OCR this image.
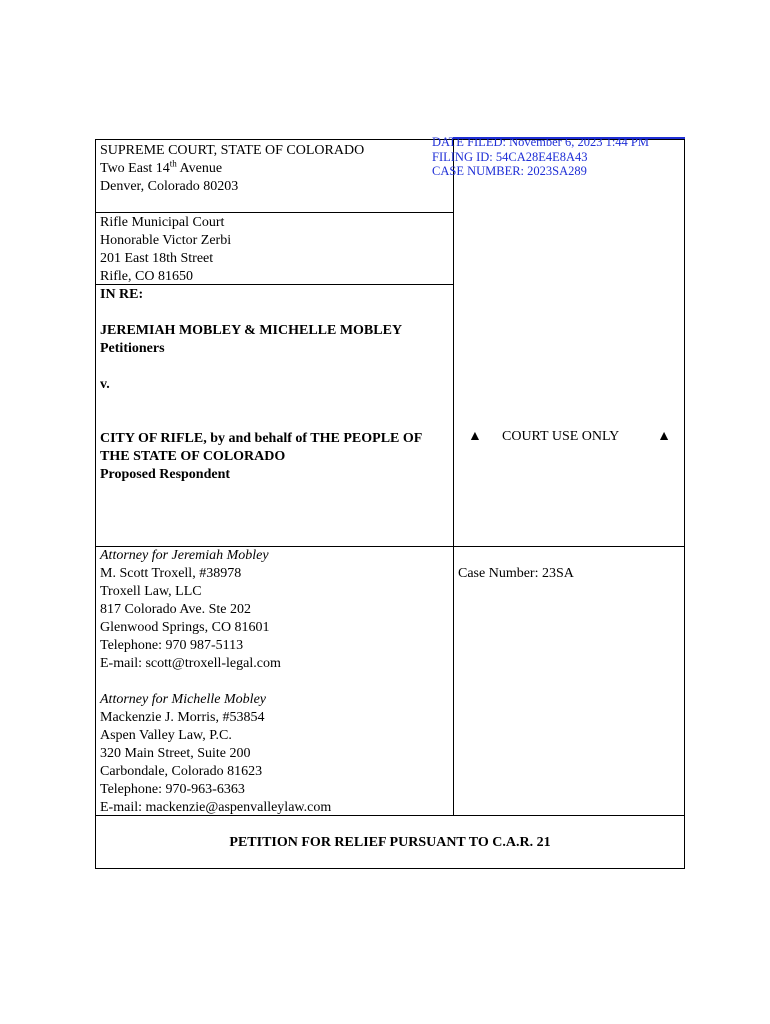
DATE FILED: November 6, 2023 1:44 PM
FILING ID: 54CA28E4E8A43
CASE NUMBER: 2023SA289
SUPREME COURT, STATE OF COLORADO
Two East 14th Avenue
Denver, Colorado 80203
Rifle Municipal Court
Honorable Victor Zerbi
201 East 18th Street
Rifle, CO 81650
IN RE:
JEREMIAH MOBLEY & MICHELLE MOBLEY
Petitioners
v.
CITY OF RIFLE, by and behalf of THE PEOPLE OF
THE STATE OF COLORADO
Proposed Respondent
▲ COURT USE ONLY	▲
Attorney for Jeremiah Mobley
M. Scott Troxell, #38978
Troxell Law, LLC
817 Colorado Ave. Ste 202
Glenwood Springs, CO 81601
Telephone: 970 987-5113
E-mail: scott@troxell-legal.com
Attorney for Michelle Mobley
Mackenzie J. Morris, #53854
Aspen Valley Law, P.C.
320 Main Street, Suite 200
Carbondale, Colorado 81623
Telephone: 970-963-6363
E-mail: mackenzie@aspenvalleylaw.com
Case Number: 23SA
PETITION FOR RELIEF PURSUANT TO C.A.R. 21
